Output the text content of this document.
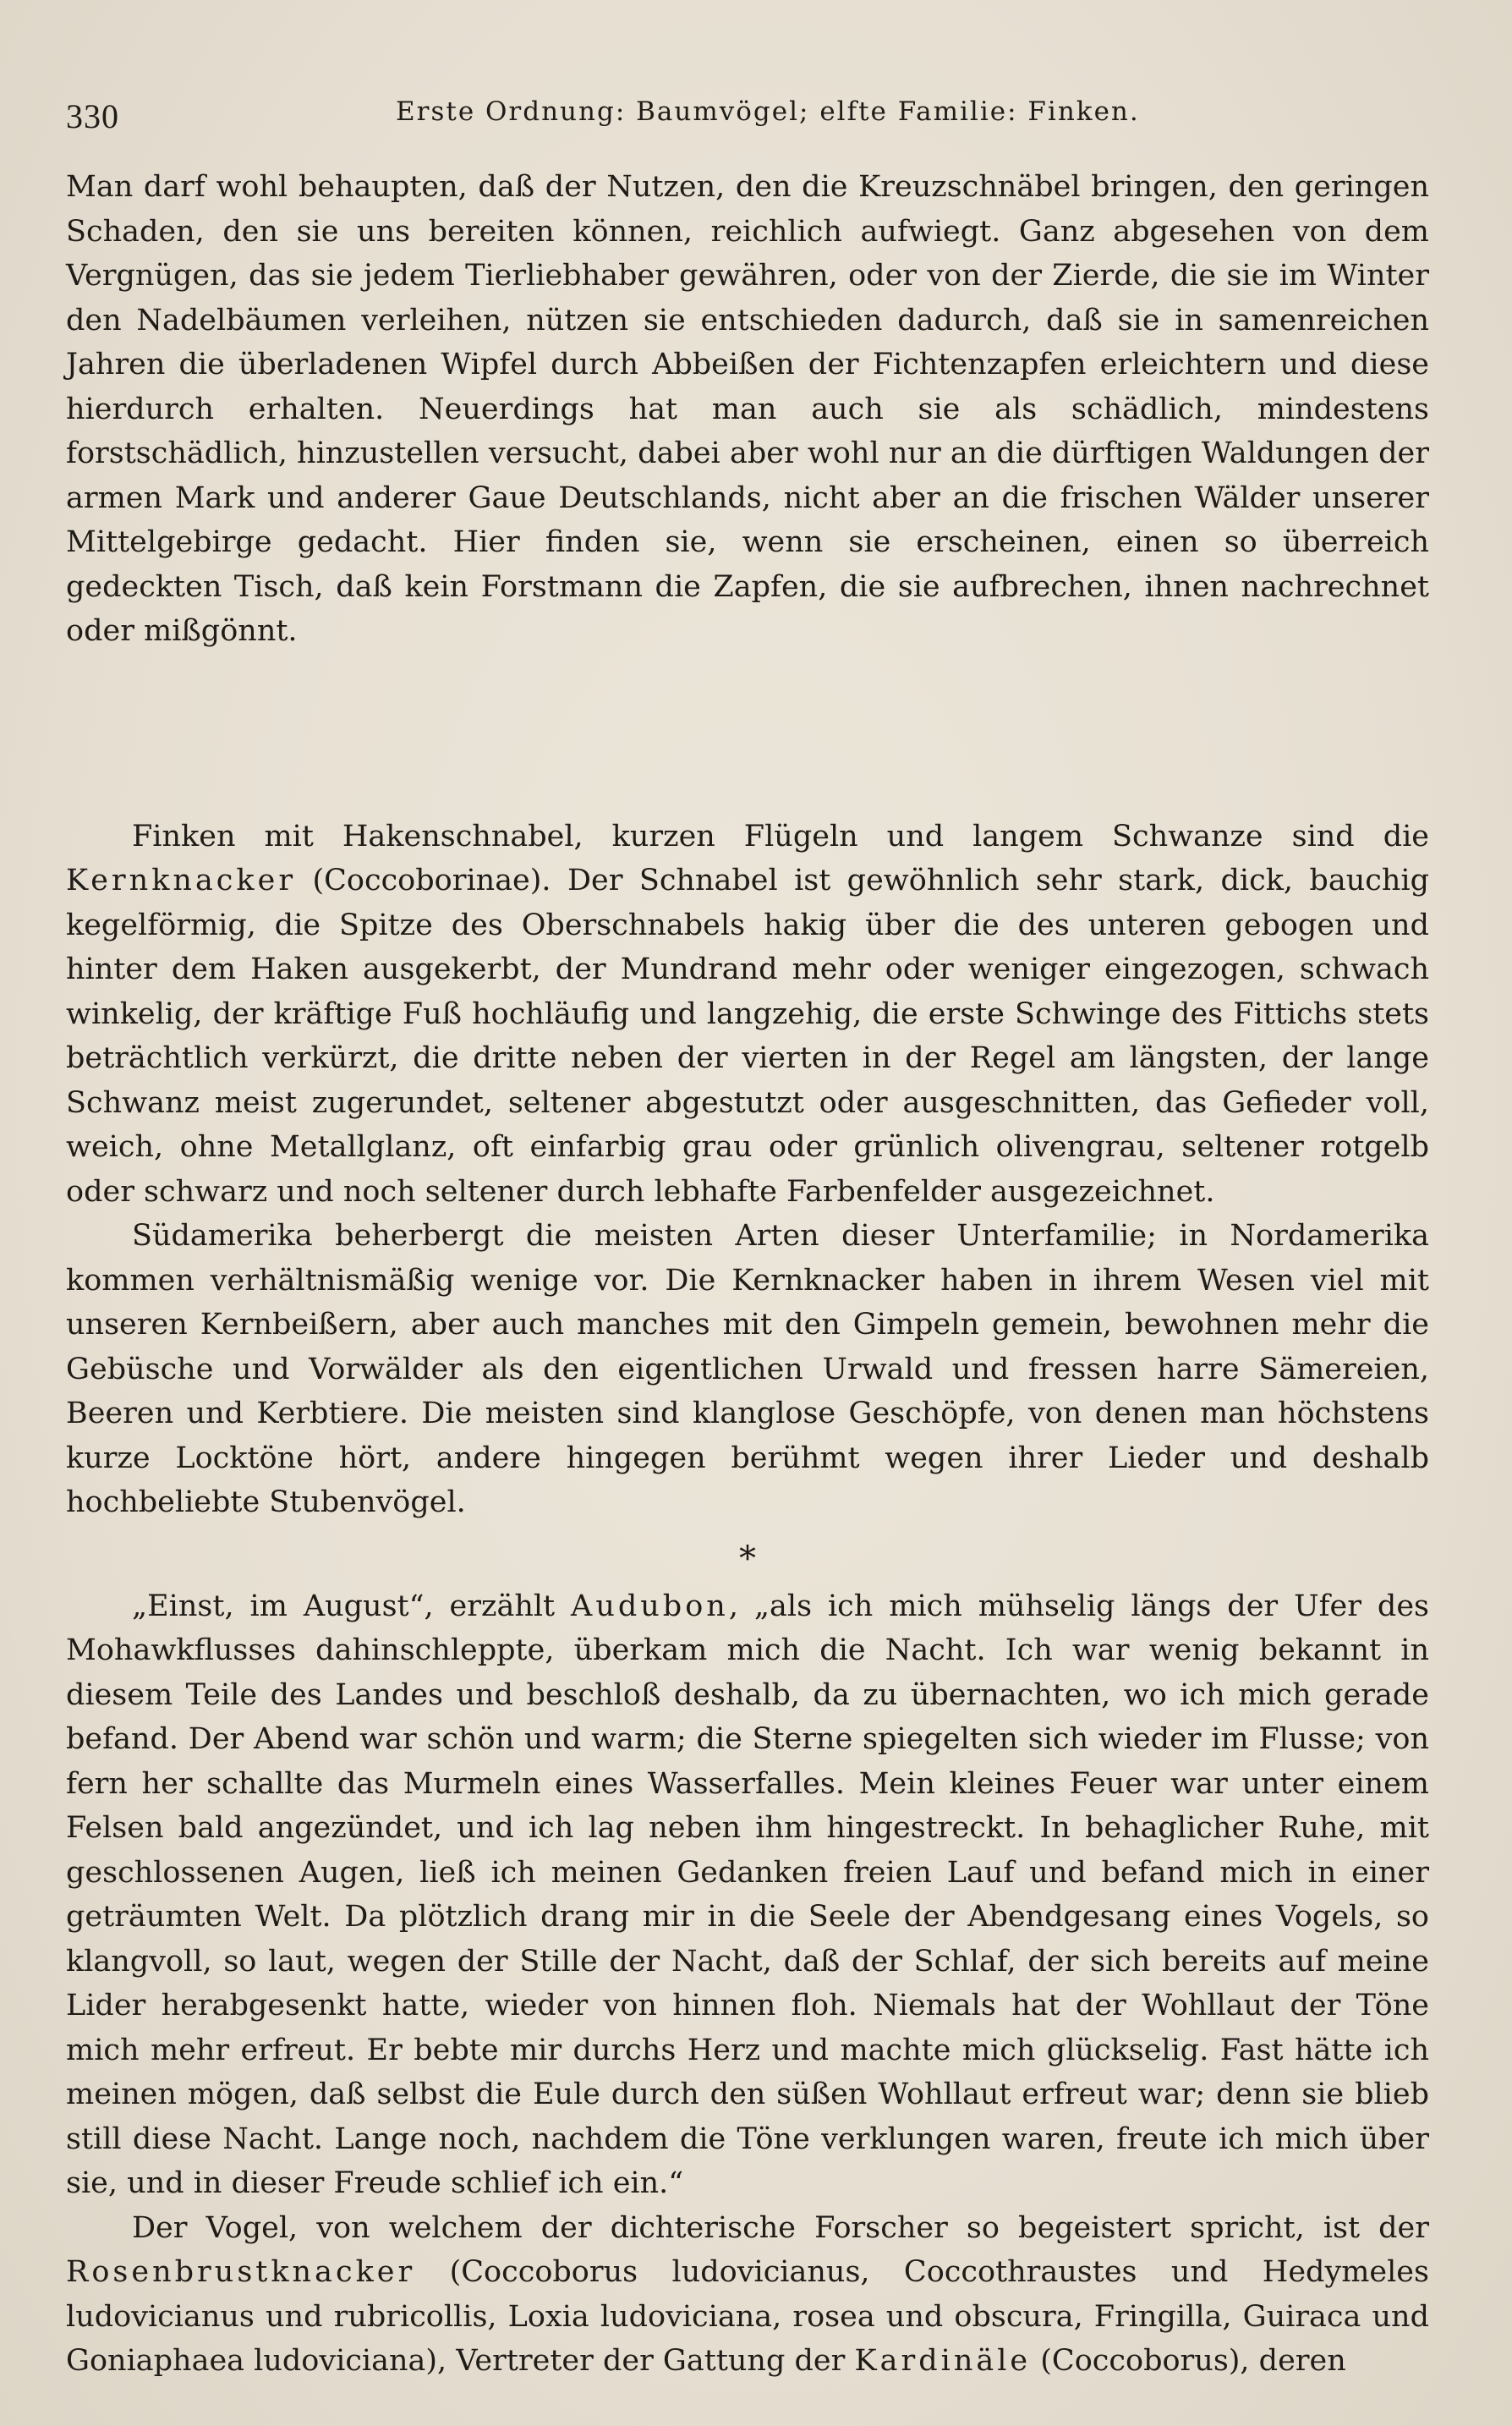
330	Erste Ordnung: Baumvögel; elfte Familie: Finken.

Man darf wohl behaupten, daß der Nutzen, den die Kreuzschnäbel bringen, den geringen Schaden, den sie uns bereiten können, reichlich aufwiegt. Ganz abgesehen von dem Vergnügen, das sie jedem Tierliebhaber gewähren, oder von der Zierde, die sie im Winter den Nadelbäumen verleihen, nützen sie entschieden dadurch, daß sie in samenreichen Jahren die überladenen Wipfel durch Abbeißen der Fichtenzapfen erleichtern und diese hierdurch erhalten. Neuerdings hat man auch sie als schädlich, mindestens forstschädlich, hinzustellen versucht, dabei aber wohl nur an die dürftigen Waldungen der armen Mark und anderer Gaue Deutschlands, nicht aber an die frischen Wälder unserer Mittelgebirge gedacht. Hier finden sie, wenn sie erscheinen, einen so überreich gedeckten Tisch, daß kein Forstmann die Zapfen, die sie aufbrechen, ihnen nachrechnet oder mißgönnt.

Finken mit Hakenschnabel, kurzen Flügeln und langem Schwanze sind die Kernknacker (Coccoborinae). Der Schnabel ist gewöhnlich sehr stark, dick, bauchig kegelförmig, die Spitze des Oberschnabels hakig über die des unteren gebogen und hinter dem Haken ausgekerbt, der Mundrand mehr oder weniger eingezogen, schwach winkelig, der kräftige Fuß hochläufig und langzehig, die erste Schwinge des Fittichs stets beträchtlich verkürzt, die dritte neben der vierten in der Regel am längsten, der lange Schwanz meist zugerundet, seltener abgestutzt oder ausgeschnitten, das Gefieder voll, weich, ohne Metallglanz, oft einfarbig grau oder grünlich olivengrau, seltener rotgelb oder schwarz und noch seltener durch lebhafte Farbenfelder ausgezeichnet.

Südamerika beherbergt die meisten Arten dieser Unterfamilie; in Nordamerika kommen verhältnismäßig wenige vor. Die Kernknacker haben in ihrem Wesen viel mit unseren Kernbeißern, aber auch manches mit den Gimpeln gemein, bewohnen mehr die Gebüsche und Vorwälder als den eigentlichen Urwald und fressen harre Sämereien, Beeren und Kerbtiere. Die meisten sind klanglose Geschöpfe, von denen man höchstens kurze Locktöne hört, andere hingegen berühmt wegen ihrer Lieder und deshalb hochbeliebte Stubenvögel.

*

„Einst, im August“, erzählt Audubon, „als ich mich mühselig längs der Ufer des Mohawkflusses dahinschleppte, überkam mich die Nacht. Ich war wenig bekannt in diesem Teile des Landes und beschloß deshalb, da zu übernachten, wo ich mich gerade befand. Der Abend war schön und warm; die Sterne spiegelten sich wieder im Flusse; von fern her schallte das Murmeln eines Wasserfalles. Mein kleines Feuer war unter einem Felsen bald angezündet, und ich lag neben ihm hingestreckt. In behaglicher Ruhe, mit geschlossenen Augen, ließ ich meinen Gedanken freien Lauf und befand mich in einer geträumten Welt. Da plötzlich drang mir in die Seele der Abendgesang eines Vogels, so klangvoll, so laut, wegen der Stille der Nacht, daß der Schlaf, der sich bereits auf meine Lider herabgesenkt hatte, wieder von hinnen floh. Niemals hat der Wohllaut der Töne mich mehr erfreut. Er bebte mir durchs Herz und machte mich glückselig. Fast hätte ich meinen mögen, daß selbst die Eule durch den süßen Wohllaut erfreut war; denn sie blieb still diese Nacht. Lange noch, nachdem die Töne verklungen waren, freute ich mich über sie, und in dieser Freude schlief ich ein.“

Der Vogel, von welchem der dichterische Forscher so begeistert spricht, ist der Rosenbrustknacker (Coccoborus ludovicianus, Coccothraustes und Hedymeles ludovicianus und rubricollis, Loxia ludoviciana, rosea und obscura, Fringilla, Guiraca und Goniaphaea ludoviciana), Vertreter der Gattung der Kardinäle (Coccoborus), deren
